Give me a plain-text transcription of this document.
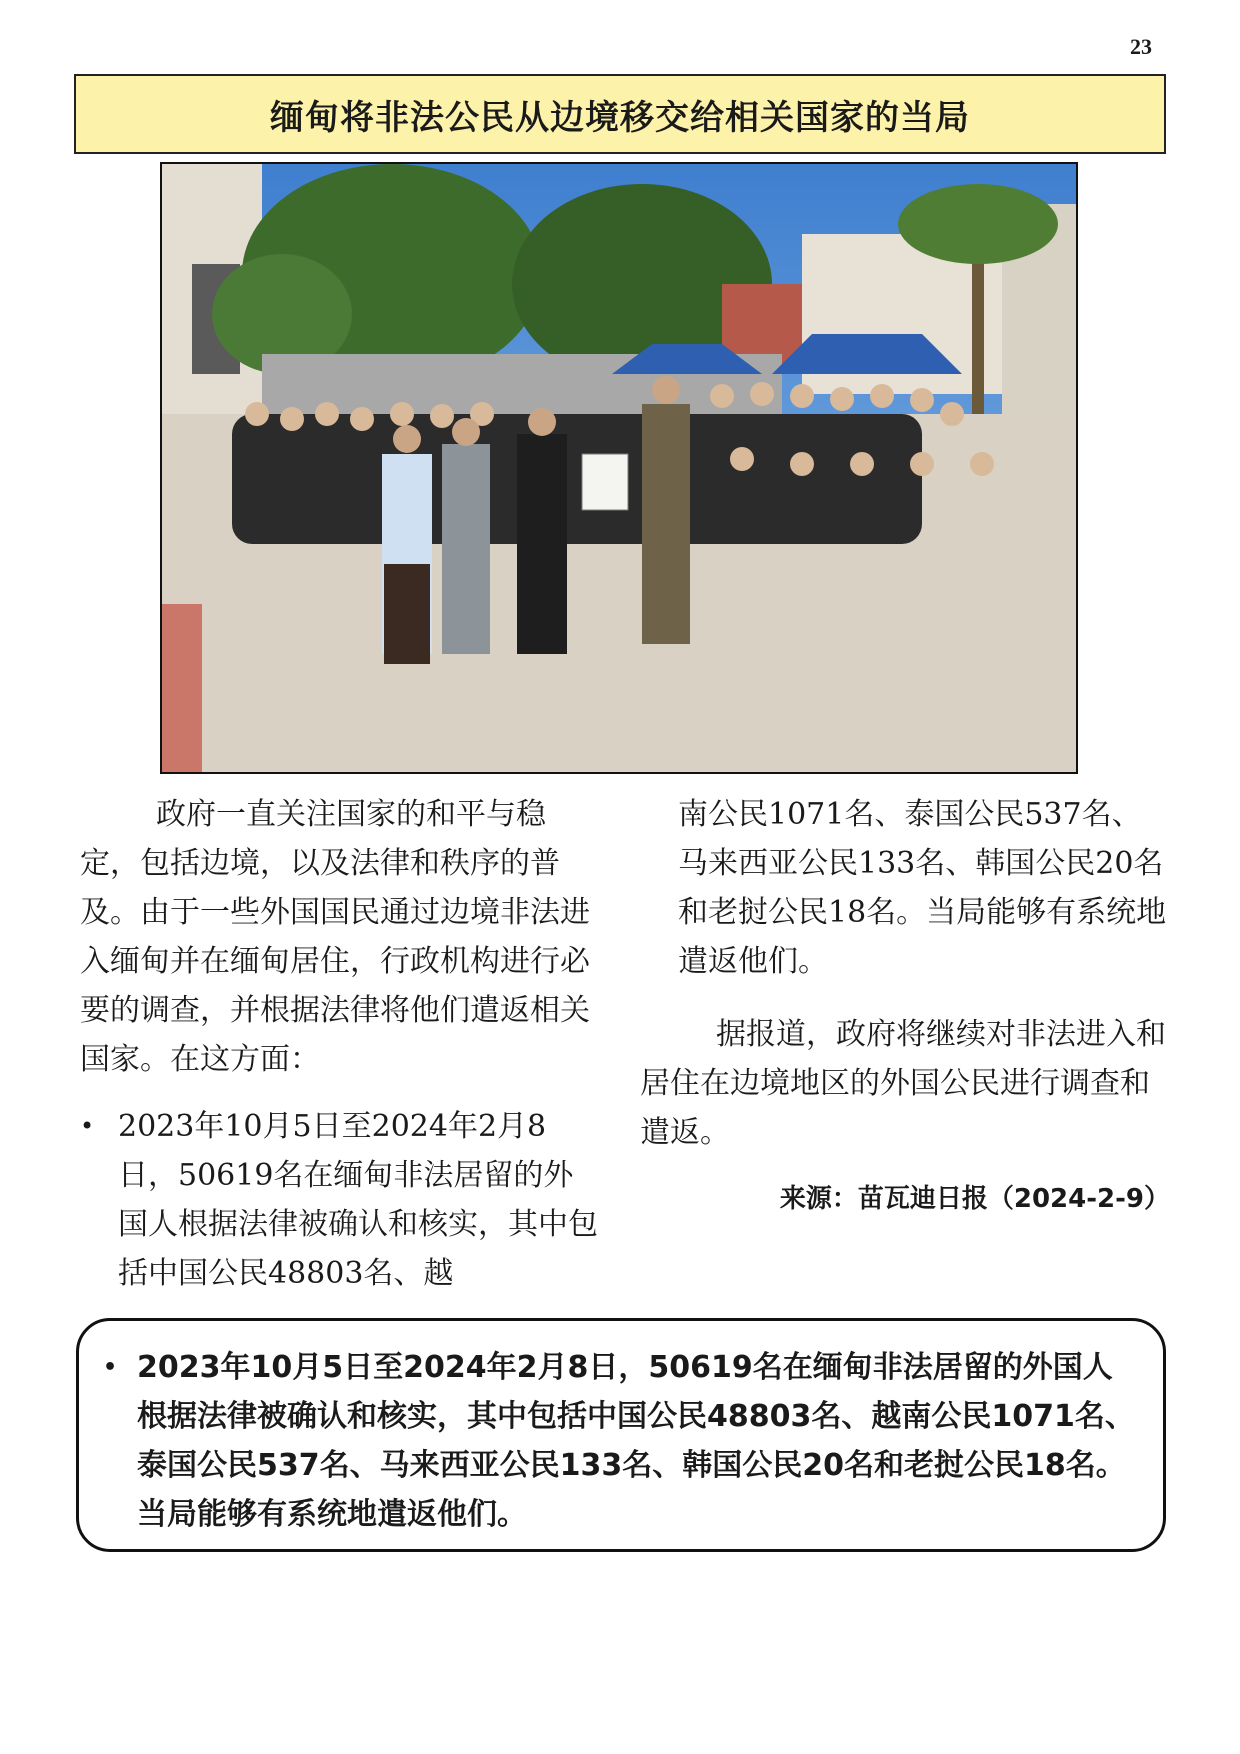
23
缅甸将非法公民从边境移交给相关国家的当局

政府一直关注国家的和平与稳定，包括边境，以及法律和秩序的普及。由于一些外国国民通过边境非法进入缅甸并在缅甸居住，行政机构进行必要的调查，并根据法律将他们遣返相关国家。在这方面：

• 2023年10月5日至2024年2月8日，50619名在缅甸非法居留的外国人根据法律被确认和核实，其中包括中国公民48803名、越

南公民1071名、泰国公民537名、马来西亚公民133名、韩国公民20名和老挝公民18名。当局能够有系统地遣返他们。

据报道，政府将继续对非法进入和居住在边境地区的外国公民进行调查和遣返。

来源：苗瓦迪日报（2024-2-9）

• 2023年10月5日至2024年2月8日，50619名在缅甸非法居留的外国人根据法律被确认和核实，其中包括中国公民48803名、越南公民1071名、泰国公民537名、马来西亚公民133名、韩国公民20名和老挝公民18名。当局能够有系统地遣返他们。
